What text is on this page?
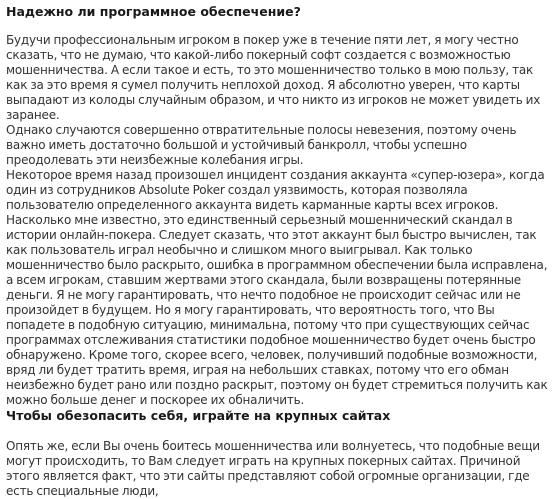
Надежно ли программное обеспечение?

Будучи профессиональным игроком в покер уже в течение пяти лет, я могу честно сказать, что не думаю, что какой-либо покерный софт создается с возможностью мошенничества. А если такое и есть, то это мошенничество только в мою пользу, так как за это время я сумел получить неплохой доход. Я абсолютно уверен, что карты выпадают из колоды случайным образом, и что никто из игроков не может увидеть их заранее.

Однако случаются совершенно отвратительные полосы невезения, поэтому очень важно иметь достаточно большой и устойчивый банкролл, чтобы успешно преодолевать эти неизбежные колебания игры.

Некоторое время назад произошел инцидент создания аккаунта «супер-юзера», когда один из сотрудников Absolute Poker создал уязвимость, которая позволяла пользователю определенного аккаунта видеть карманные карты всех игроков. Насколько мне известно, это единственный серьезный мошеннический скандал в истории онлайн-покера. Следует сказать, что этот аккаунт был быстро вычислен, так как пользователь играл необычно и слишком много выигрывал. Как только мошенничество было раскрыто, ошибка в программном обеспечении была исправлена, а всем игрокам, ставшим жертвами этого скандала, были возвращены потерянные деньги. Я не могу гарантировать, что нечто подобное не происходит сейчас или не произойдет в будущем. Но я могу гарантировать, что вероятность того, что Вы попадете в подобную ситуацию, минимальна, потому что при существующих сейчас программах отслеживания статистики подобное мошенничество будет очень быстро обнаружено. Кроме того, скорее всего, человек, получивший подобные возможности, вряд ли будет тратить время, играя на небольших ставках, потому что его обман неизбежно будет рано или поздно раскрыт, поэтому он будет стремиться получить как можно больше денег и поскорее их обналичить.

Чтобы обезопасить себя, играйте на крупных сайтах

Опять же, если Вы очень боитесь мошенничества или волнуетесь, что подобные вещи могут происходить, то Вам следует играть на крупных покерных сайтах. Причиной этого является факт, что эти сайты представляют собой огромные организации, где есть специальные люди,
